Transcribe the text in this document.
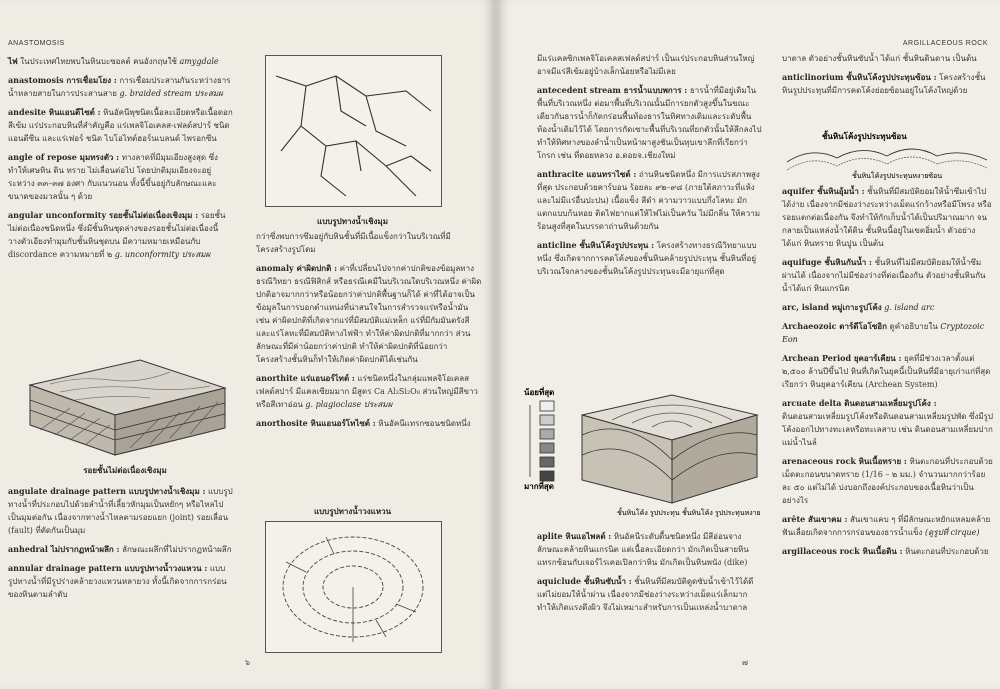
ANASTOMOSIS

ไฟ ในประเทศไทยพบในหินบะซอลต์ คนอังกฤษใช้ amygdale

anastomosis การเชื่อมโยง : การเชื่อมประสานกันระหว่างธารน้ำหลายสายในการประสานสาย g. braided stream ประสมผ

andesite หินแอนดีไซต์ : หินอัคนีพุชนิดเนื้อละเอียดหรือเนื้อดอก สีเข้ม แร่ประกอบหินที่สำคัญคือ แร่เพลจิโอเคลส-เฟลด์สปาร์ ชนิดแอนดีซีน และแร่เฟอร์ ชนิด ไบโอไทต์ฮอร์นเบลนด์ ไพรอกซีน

angle of repose มุมทรงตัว : ทางลาดที่มีมุมเอียงสูงสุด ซึ่งทำให้เศษหิน ดิน ทราย ไม่เลื่อนต่อไป โดยปกติมุมเอียงจะอยู่ระหว่าง ๓๓–๓๗ องศา กับแนวนอน ทั้งนี้ขึ้นอยู่กับลักษณะและขนาดของมวลนั้น ๆ ด้วย

angular unconformity รอยชั้นไม่ต่อเนื่องเชิงมุม : รอยชั้นไม่ต่อเนื่องชนิดหนึ่ง ซึ่งมีชั้นหินชุดล่างของรอยชั้นไม่ต่อเนื่องนี้วางตัวเอียงทำมุมกับชั้นหินชุดบน มีความหมายเหมือนกับ discordance ความหมายที่ ๒ g. unconformity ประสมผ

รอยชั้นไม่ต่อเนื่องเชิงมุม

angulate drainage pattern แบบรูปทางน้ำเชิงมุม : แบบรูปทางน้ำที่ประกอบไปด้วยลำน้ำที่เลี้ยวหักมุมเป็นหยักๆ หรือไหลไปเป็นมุมต่อกัน เนื่องจากทางน้ำไหลตามรอยแยก (joint) รอยเลื่อน (fault) ที่ตัดกันเป็นมุม

anhedral ไม่ปรากฏหน้าผลึก : ลักษณะผลึกที่ไม่ปรากฏหน้าผลึก

annular drainage pattern แบบรูปทางน้ำวงแหวน : แบบรูปทางน้ำที่มีรูปร่างคล้ายวงแหวนหลายวง ทั้งนี้เกิดจากการกร่อนของหินตามลำดับ

แบบรูปทางน้ำเชิงมุม

กว่าซึ่งพบการซึมอยู่กับหินชั้นที่มีเนื้อแข็งกว่าในบริเวณที่มีโครงสร้างรูปโดม

anomaly ค่าผิดปกติ : ค่าที่เปลี่ยนไปจากค่าปกติของข้อมูลทางธรณีวิทยา ธรณีฟิสิกส์ หรือธรณีเคมีในบริเวณใดบริเวณหนึ่ง ค่าผิดปกติอาจมากกว่าหรือน้อยกว่าค่าปกติพื้นฐานก็ได้ ค่าที่ได้อาจเป็นข้อมูลในการบอกตำแหน่งที่น่าสนใจในการสำรวจแร่หรือน้ำมัน เช่น ค่าผิดปกติที่เกิดจากแร่ที่มีสมบัติแม่เหล็ก แร่ที่มีกัมมันตรังสี และแร่โลหะที่มีสมบัติทางไฟฟ้า ทำให้ค่าผิดปกติที่มากกว่า ส่วนลักษณะที่มีค่าน้อยกว่าค่าปกติ ทำให้ค่าผิดปกติที่น้อยกว่า โครงสร้างชั้นหินก็ทำให้เกิดค่าผิดปกติได้เช่นกัน

anorthite แร่แอนอร์ไทต์ : แร่ชนิดหนึ่งในกลุ่มแพลจิโอเคลสเฟลด์สปาร์ มีแคลเซียมมาก มีสูตร Ca Al₂Si₂O₈ ส่วนใหญ่มีสีขาวหรือสีเทาอ่อน g. plagioclase ประสมผ

anorthosite หินแอนอร์โทไซต์ : หินอัคนีแทรกซอนชนิดหนึ่ง

แบบรูปทางน้ำวงแหวน
๖
ARGILLACEOUS ROCK

มีแร่แคลซิกเพลจิโอเคลสเฟลด์สปาร์ เป็นแร่ประกอบหินส่วนใหญ่ อาจมีแร่สีเข้มอยู่บ้างเล็กน้อยหรือไม่มีเลย

antecedent stream ธารน้ำแบบพการ : ธารน้ำที่มีอยู่เดิมในพื้นที่บริเวณหนึ่ง ต่อมาพื้นที่บริเวณนั้นมีการยกตัวสูงขึ้นในขณะเดียวกันธารน้ำก็กัดกร่อนพื้นท้องธารในทิศทางเดิมและระดับพื้นท้องน้ำเดิมไว้ได้ โดยการกัดเซาะพื้นที่บริเวณที่ยกตัวนั้นให้ลึกลงไป ทำให้ทิศทางของลำน้ำเป็นหน้าผาสูงชันเป็นหุบเขาลึกที่เรียกว่า โกรก เช่น ที่ดอยหลวง อ.ดอยจ.เชียงใหม่

anthracite แอนทราไซต์ : ถ่านหินชนิดหนึ่ง มีการแปรสภาพสูงที่สุด ประกอบด้วยคาร์บอน ร้อยละ ๙๒–๙๘ (ภายใต้สภาวะที่แห้งและไม่มีแร่อื่นปะปน) เนื้อแข็ง สีดำ ความวาวแบบกึ่งโลหะ มักแตกแบบก้นหอย ติดไฟยากแต่ให้ไฟไม่เป็นควัน ไม่มีกลิ่น ให้ความร้อนสูงที่สุดในบรรดาถ่านหินด้วยกัน

anticline ชั้นหินโค้งรูปประทุน : โครงสร้างทางธรณีวิทยาแบบหนึ่ง ซึ่งเกิดจากการคดโค้งของชั้นหินคล้ายรูปประทุน ชั้นหินที่อยู่บริเวณใจกลางของชั้นหินโค้งรูปประทุนจะมีอายุแก่ที่สุด

น้อยที่สุด
มากที่สุด
ชั้นหินโค้ง รูปประทุน ชั้นหินโค้ง รูปประทุนหงาย

aplite หินแอไพลต์ : หินอัคนีระดับตื้นชนิดหนึ่ง มีสีอ่อนจาง ลักษณะคล้ายหินแกรนิต แต่เนื้อละเอียดกว่า มักเกิดเป็นสายหินแทรกซ้อนกับเจอร์ไรเคอเปิลกว่าหิน มักเกิดเป็นหินพนัง (dike)

aquiclude ชั้นหินซับน้ำ : ชั้นหินที่มีสมบัติดูดซับน้ำเข้าไว้ได้ดี แต่ไม่ยอมให้น้ำผ่าน เนื่องจากมีช่องว่างระหว่างเม็ดแร่เล็กมาก ทำให้เกิดแรงดึงผิว จึงไม่เหมาะสำหรับการเป็นแหล่งน้ำบาดาล

บาดาล ตัวอย่างชั้นหินซับน้ำ ได้แก่ ชั้นหินดินดาน เป็นต้น

anticlinorium ชั้นหินโค้งรูปประทุนซ้อน : โครงสร้างชั้นหินรูปประทุนที่มีการคดโค้งย่อยซ้อนอยู่ในโค้งใหญ่ด้วย

ชั้นหินโค้งรูปประทุนซ้อน
ชั้นหินโค้งรูปประทุนหงายซ้อน

aquifer ชั้นหินอุ้มน้ำ : ชั้นหินที่มีสมบัติยอมให้น้ำซึมเข้าไปได้ง่าย เนื่องจากมีช่องว่างระหว่างเม็ดแร่กว้างหรือมีโพรง หรือรอยแตกต่อเนื่องกัน จึงทำให้กักเก็บน้ำได้เป็นปริมาณมาก จนกลายเป็นแหล่งน้ำใต้ดิน ชั้นหินนี้อยู่ในเขตอิ่มน้ำ ตัวอย่างได้แก่ หินทราย หินปูน เป็นต้น

aquifuge ชั้นหินกันน้ำ : ชั้นหินที่ไม่มีสมบัติยอมให้น้ำซึมผ่านได้ เนื่องจากไม่มีช่องว่างที่ต่อเนื่องกัน ตัวอย่างชั้นหินกันน้ำได้แก่ หินแกรนิต

arc, island หมู่เกาะรูปโค้ง g. island arc

Archaeozoic ดาร์ดีโอโซอิก ดูคำอธิบายใน Cryptozoic Eon

Archean Period ยุคอาร์เคียน : ยุคที่มีช่วงเวลาตั้งแต่ ๒,๕๐๐ ล้านปีขึ้นไป หินที่เกิดในยุคนี้เป็นหินที่มีอายุเก่าแก่ที่สุด เรียกว่า หินยุคอาร์เคียน (Archean System)

arcuate delta ดินดอนสามเหลี่ยมรูปโค้ง : ดินดอนสามเหลี่ยมรูปโค้งหรือดินดอนสามเหลี่ยมรูปพัด ซึ่งมีรูปโค้งออกไปทางทะเลหรือทะเลสาบ เช่น ดินดอนสามเหลี่ยมปากแม่น้ำไนล์

arenaceous rock หินเนื้อทราย : หินตะกอนที่ประกอบด้วยเม็ดตะกอนขนาดทราย (1/16 – ๒ มม.) จำนวนมากกว่าร้อยละ ๕๐ แต่ไม่ได้ บ่งบอกถึงองค์ประกอบของเนื้อหินว่าเป็นอย่างไร

arête สันเขาคม : สันเขาแคบ ๆ ที่มีลักษณะหยักแหลมคล้ายฟันเลื่อยเกิดจากการกร่อนของธารน้ำแข็ง (ดูรูปที่ cirque)

argillaceous rock หินเนื้อดิน : หินตะกอนที่ประกอบด้วย

๗
